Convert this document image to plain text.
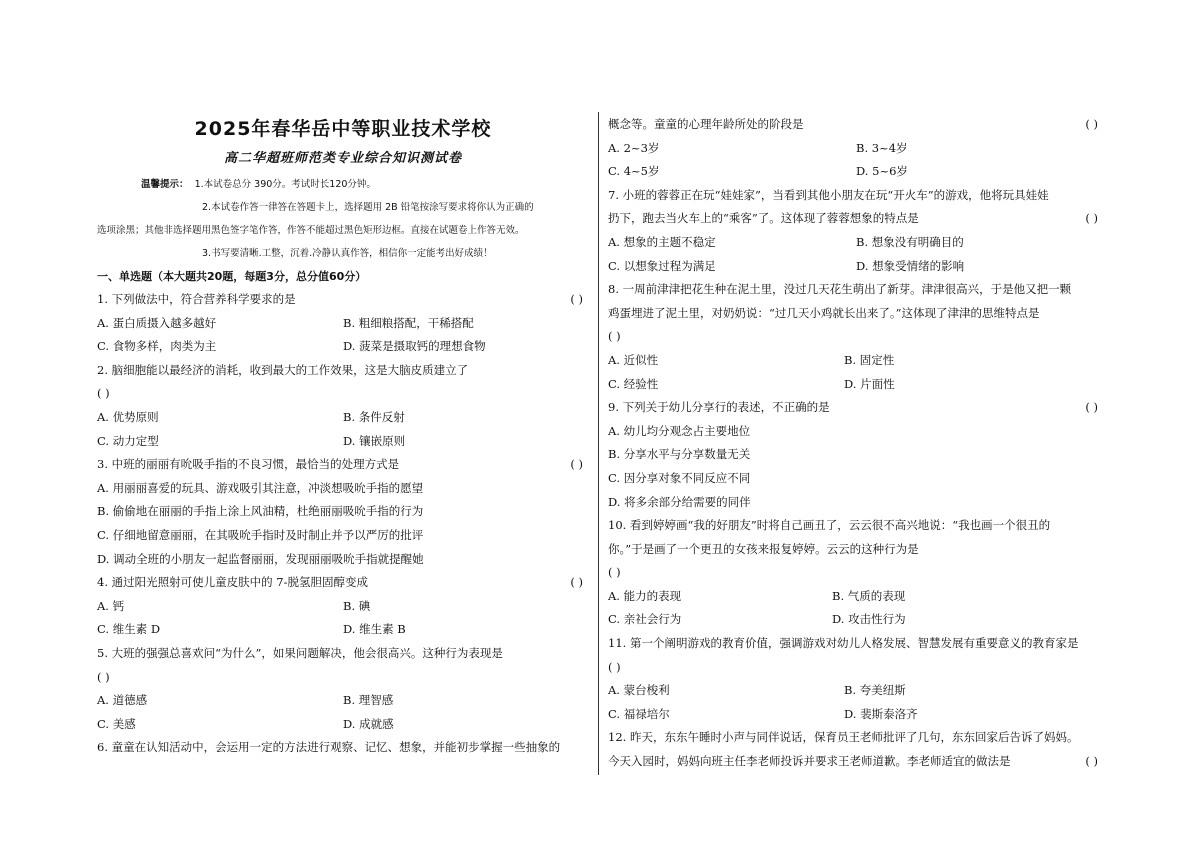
2025年春华岳中等职业技术学校
高二华超班师范类专业综合知识测试卷
温馨提示： 1.本试卷总分 390分。考试时长120分钟。
2.本试卷作答一律答在答题卡上，选择题用 2B 铅笔按涂写要求将你认为正确的
选项涂黑；其他非选择题用黑色签字笔作答，作答不能超过黑色矩形边框。直接在试题卷上作答无效。
3.书写要清晰.工整，沉着.冷静认真作答，相信你一定能考出好成绩！
一、单选题（本大题共20题，每题3分，总分值60分）
1. 下列做法中，符合营养科学要求的是	( )
A. 蛋白质摄入越多越好	B. 粗细粮搭配，干稀搭配
C. 食物多样，肉类为主	D. 菠菜是摄取钙的理想食物
2. 脑细胞能以最经济的消耗，收到最大的工作效果，这是大脑皮质建立了
( )
A. 优势原则	B. 条件反射
C. 动力定型	D. 镶嵌原则
3. 中班的丽丽有吮吸手指的不良习惯，最恰当的处理方式是	( )
A. 用丽丽喜爱的玩具、游戏吸引其注意，冲淡想吸吮手指的愿望
B. 偷偷地在丽丽的手指上涂上风油精，杜绝丽丽吸吮手指的行为
C. 仔细地留意丽丽，在其吸吮手指时及时制止并予以严厉的批评
D. 调动全班的小朋友一起监督丽丽，发现丽丽吸吮手指就提醒她
4. 通过阳光照射可使儿童皮肤中的 7-脱氢胆固醇变成	( )
A. 钙	B. 碘
C. 维生素 D	D. 维生素 B
5. 大班的强强总喜欢问“为什么”，如果问题解决，他会很高兴。这种行为表现是
( )
A. 道德感	B. 理智感
C. 美感	D. 成就感
6. 童童在认知活动中，会运用一定的方法进行观察、记忆、想象，并能初步掌握一些抽象的
概念等。童童的心理年龄所处的阶段是	( )
A. 2~3岁	B. 3~4岁
C. 4~5岁	D. 5~6岁
7. 小班的蓉蓉正在玩“娃娃家”，当看到其他小朋友在玩“开火车”的游戏，他将玩具娃娃
扔下，跑去当火车上的“乘客”了。这体现了蓉蓉想象的特点是	( )
A. 想象的主题不稳定	B. 想象没有明确目的
C. 以想象过程为满足	D. 想象受情绪的影响
8. 一周前津津把花生种在泥土里，没过几天花生萌出了新芽。津津很高兴，于是他又把一颗
鸡蛋埋进了泥土里，对奶奶说：“过几天小鸡就长出来了。”这体现了津津的思维特点是
( )
A. 近似性	B. 固定性
C. 经验性	D. 片面性
9. 下列关于幼儿分享行的表述，不正确的是	( )
A. 幼儿均分观念占主要地位
B. 分享水平与分享数量无关
C. 因分享对象不同反应不同
D. 将多余部分给需要的同伴
10. 看到婷婷画“我的好朋友”时将自己画丑了，云云很不高兴地说：“我也画一个很丑的
你。”于是画了一个更丑的女孩来报复婷婷。云云的这种行为是
( )
A. 能力的表现	B. 气质的表现
C. 亲社会行为	D. 攻击性行为
11. 第一个阐明游戏的教育价值，强调游戏对幼儿人格发展、智慧发展有重要意义的教育家是
( )
A. 蒙台梭利	B. 夸美纽斯
C. 福禄培尔	D. 裴斯泰洛齐
12. 昨天，东东午睡时小声与同伴说话，保育员王老师批评了几句，东东回家后告诉了妈妈。
今天入园时，妈妈向班主任李老师投诉并要求王老师道歉。李老师适宜的做法是	( )
